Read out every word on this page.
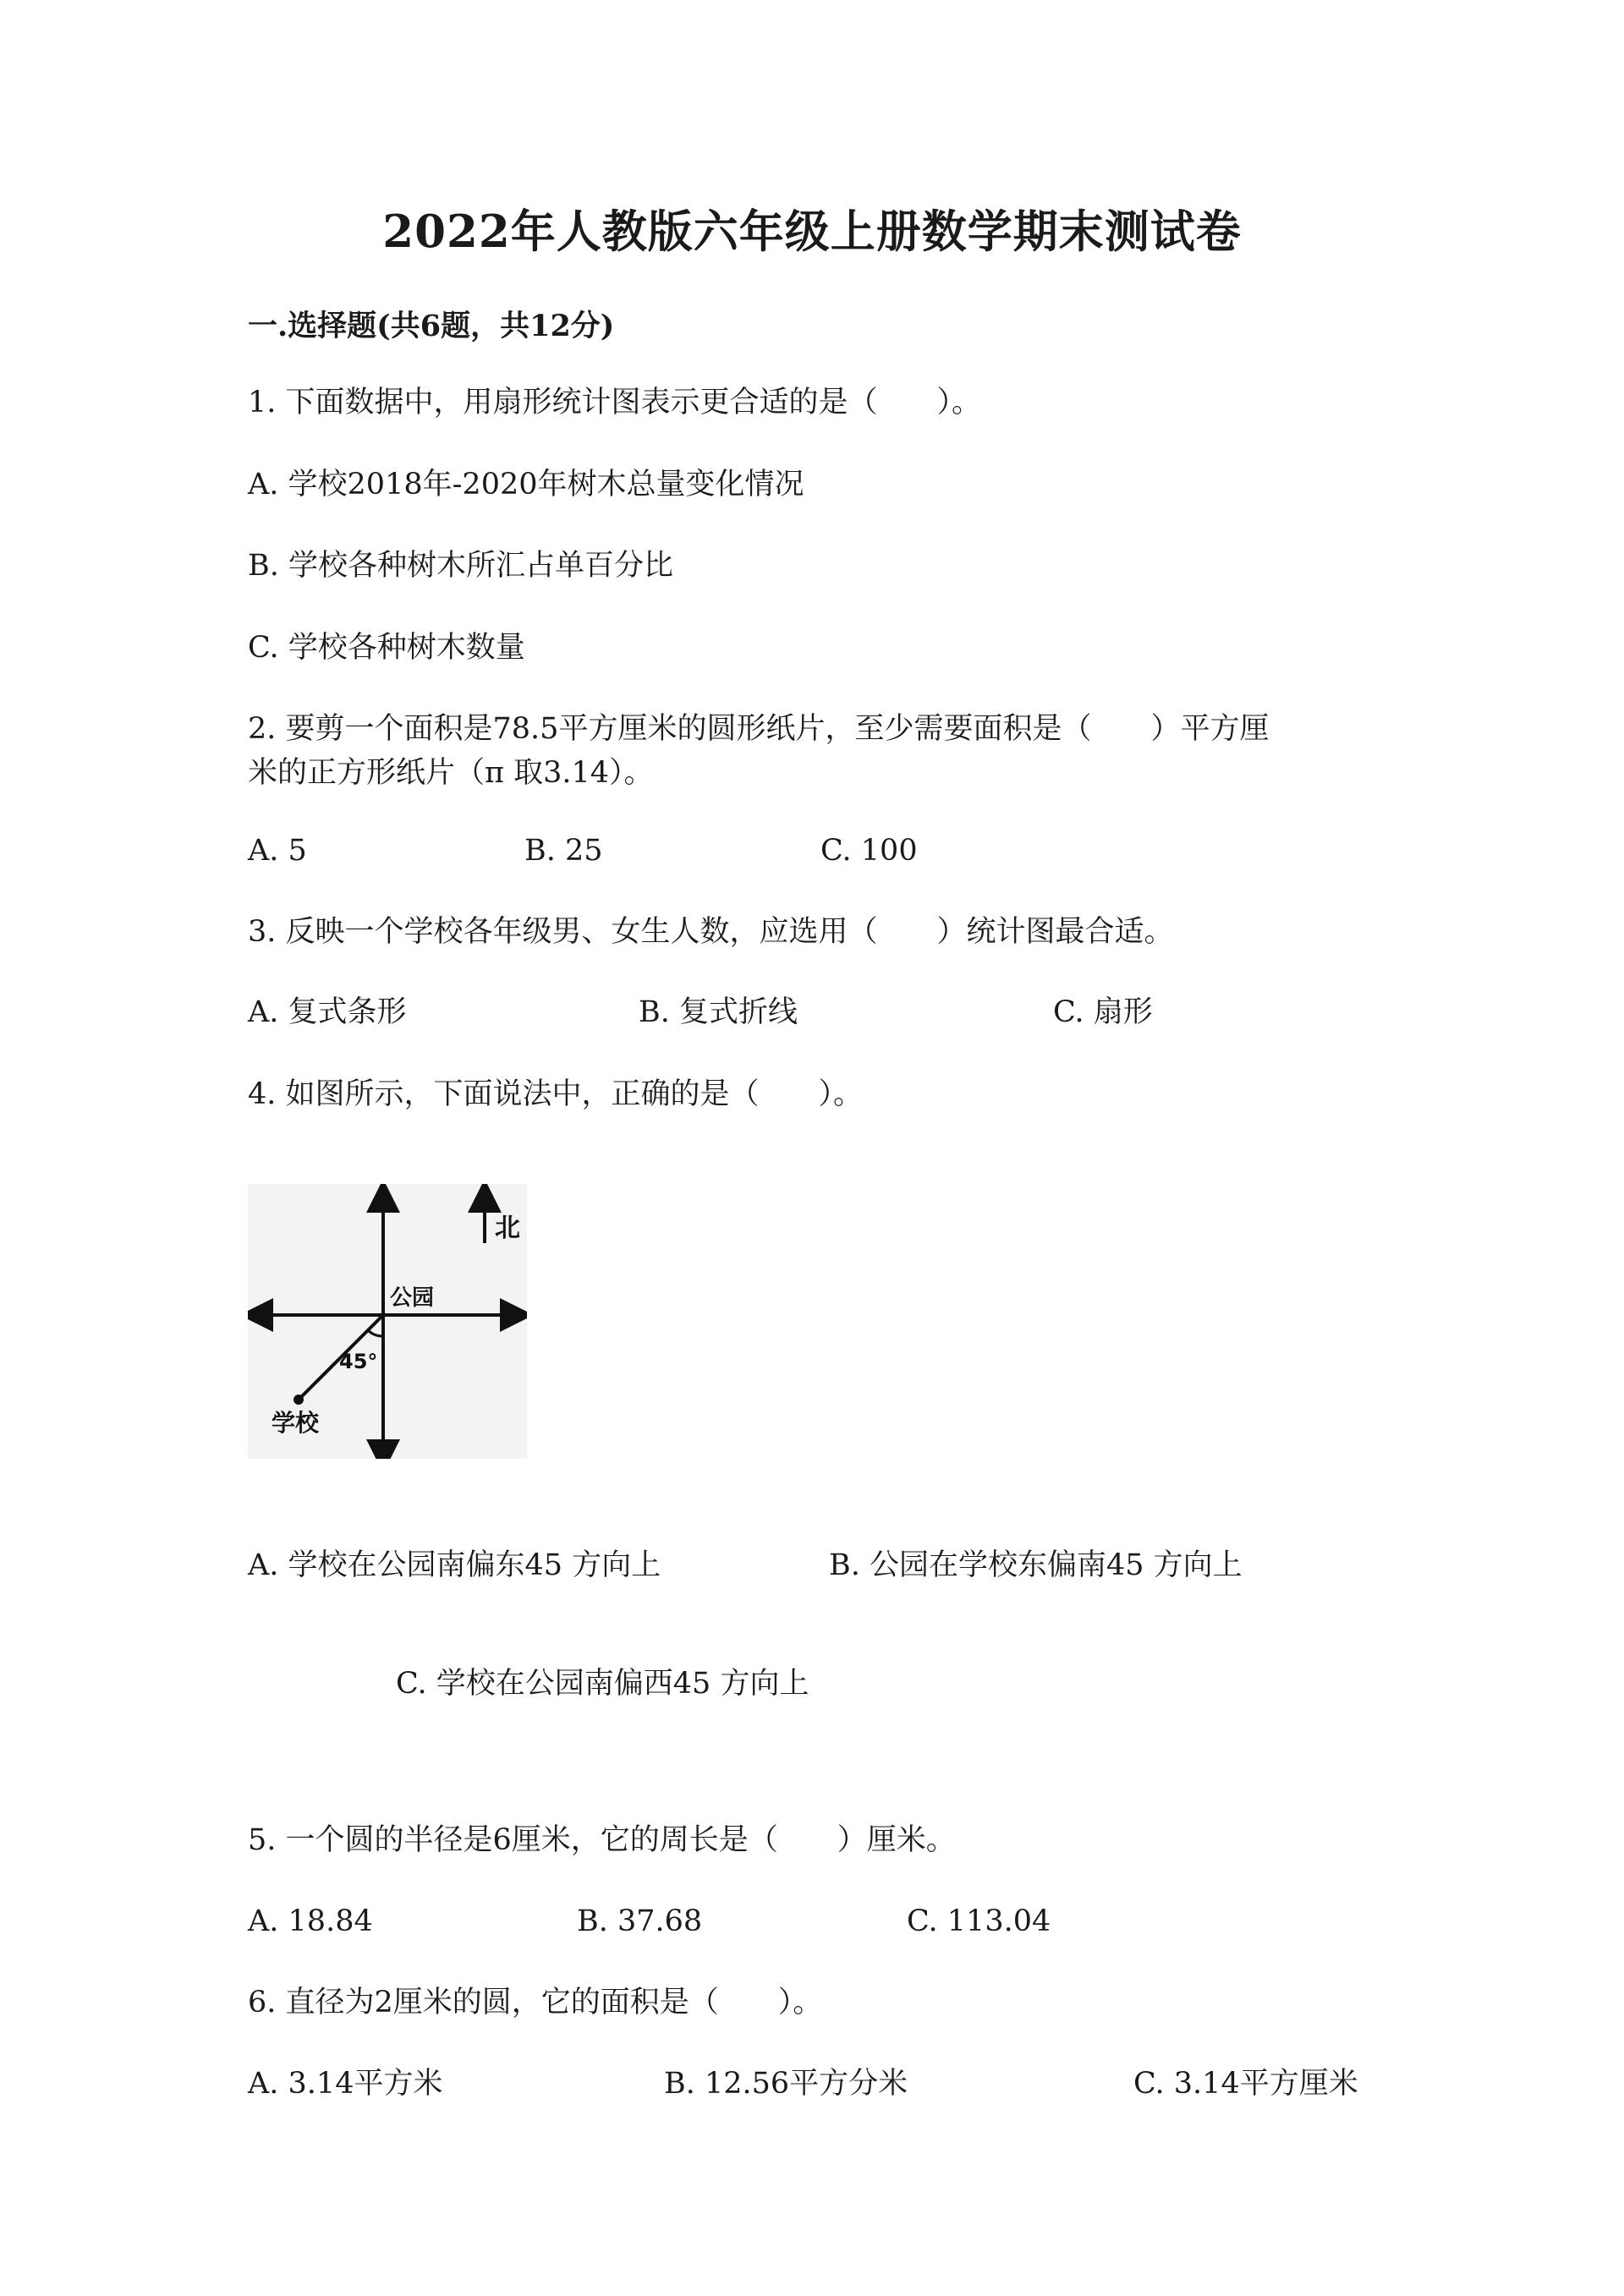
2022年人教版六年级上册数学期末测试卷
一.选择题(共6题，共12分)
1. 下面数据中，用扇形统计图表示更合适的是（　　）。
A. 学校2018年-2020年树木总量变化情况
B. 学校各种树木所汇占单百分比
C. 学校各种树木数量
2. 要剪一个面积是78.5平方厘米的圆形纸片，至少需要面积是（　　）平方厘
米的正方形纸片（π 取3.14）。
A. 5	B. 25	C. 100
3. 反映一个学校各年级男、女生人数，应选用（　　）统计图最合适。
A. 复式条形	B. 复式折线	C. 扇形
4. 如图所示，下面说法中，正确的是（　　）。
北
公园
45°
学校
A. 学校在公园南偏东45 方向上	B. 公园在学校东偏南45 方向上
C. 学校在公园南偏西45 方向上
5. 一个圆的半径是6厘米，它的周长是（　　）厘米。
A. 18.84	B. 37.68	C. 113.04
6. 直径为2厘米的圆，它的面积是（　　）。
A. 3.14平方米	B. 12.56平方分米	C. 3.14平方厘米
